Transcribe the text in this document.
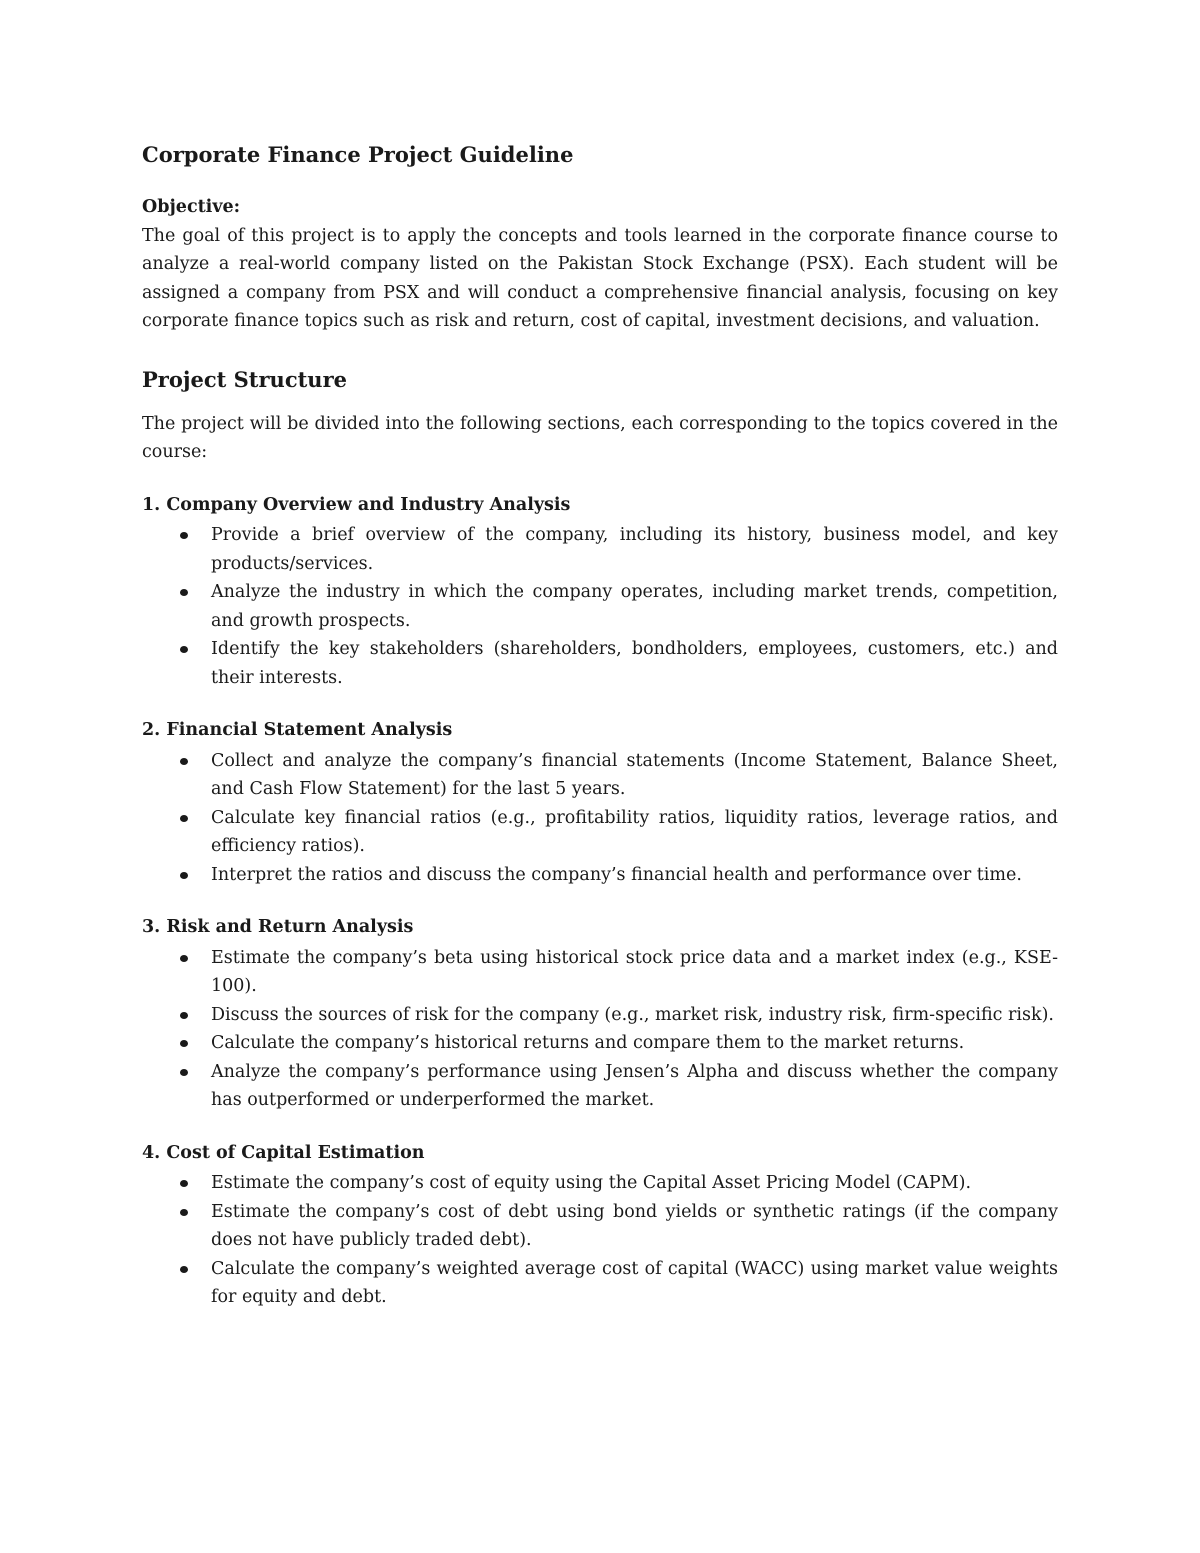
Corporate Finance Project Guideline

Objective:

The goal of this project is to apply the concepts and tools learned in the corporate finance course to analyze a real-world company listed on the Pakistan Stock Exchange (PSX). Each student will be assigned a company from PSX and will conduct a comprehensive financial analysis, focusing on key corporate finance topics such as risk and return, cost of capital, investment decisions, and valuation.

Project Structure

The project will be divided into the following sections, each corresponding to the topics covered in the course:

1. Company Overview and Industry Analysis
Provide a brief overview of the company, including its history, business model, and key products/services.
Analyze the industry in which the company operates, including market trends, competition, and growth prospects.
Identify the key stakeholders (shareholders, bondholders, employees, customers, etc.) and their interests.
2. Financial Statement Analysis
Collect and analyze the company’s financial statements (Income Statement, Balance Sheet, and Cash Flow Statement) for the last 5 years.
Calculate key financial ratios (e.g., profitability ratios, liquidity ratios, leverage ratios, and efficiency ratios).
Interpret the ratios and discuss the company’s financial health and performance over time.
3. Risk and Return Analysis
Estimate the company’s beta using historical stock price data and a market index (e.g., KSE-100).
Discuss the sources of risk for the company (e.g., market risk, industry risk, firm-specific risk).
Calculate the company’s historical returns and compare them to the market returns.
Analyze the company’s performance using Jensen’s Alpha and discuss whether the company has outperformed or underperformed the market.
4. Cost of Capital Estimation
Estimate the company’s cost of equity using the Capital Asset Pricing Model (CAPM).
Estimate the company’s cost of debt using bond yields or synthetic ratings (if the company does not have publicly traded debt).
Calculate the company’s weighted average cost of capital (WACC) using market value weights for equity and debt.
